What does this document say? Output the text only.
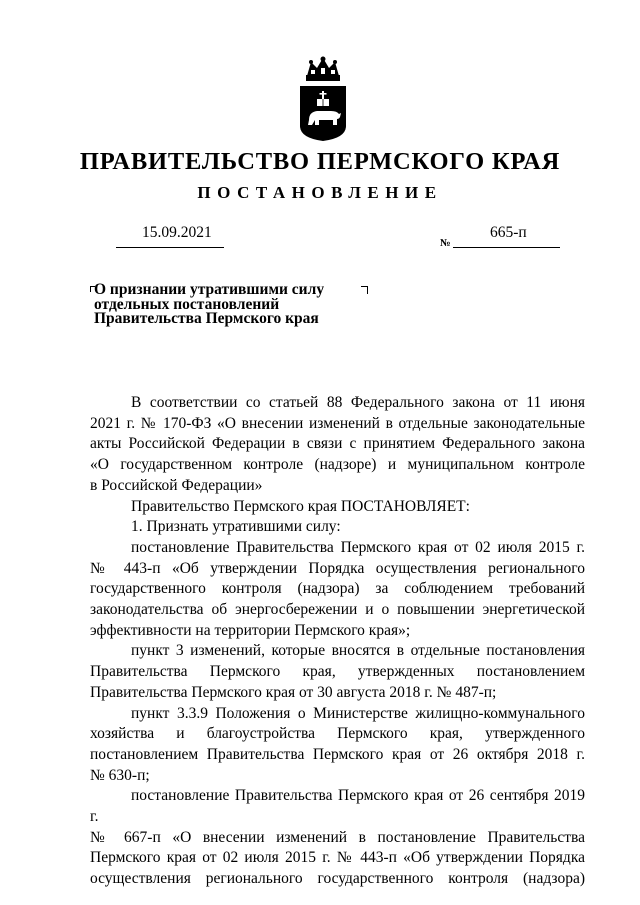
ПРАВИТЕЛЬСТВО ПЕРМСКОГО КРАЯ
ПОСТАНОВЛЕНИЕ
15.09.2021
№
665-п
О признании утратившими силу
отдельных постановлений
Правительства Пермского края

В соответствии со статьей 88 Федерального закона от 11 июня

2021 г. № 170-ФЗ «О внесении изменений в отдельные законодательные

акты Российской Федерации в связи с принятием Федерального закона

«О государственном контроле (надзоре) и муниципальном контроле

в Российской Федерации»

Правительство Пермского края ПОСТАНОВЛЯЕТ:

1. Признать утратившими силу:

постановление Правительства Пермского края от 02 июля 2015 г.

№ 443-п «Об утверждении Порядка осуществления регионального

государственного контроля (надзора) за соблюдением требований

законодательства об энергосбережении и о повышении энергетической

эффективности на территории Пермского края»;

пункт 3 изменений, которые вносятся в отдельные постановления

Правительства Пермского края, утвержденных постановлением

Правительства Пермского края от 30 августа 2018 г. № 487-п;

пункт 3.3.9 Положения о Министерстве жилищно-коммунального

хозяйства и благоустройства Пермского края, утвержденного

постановлением Правительства Пермского края от 26 октября 2018 г.

№ 630-п;

постановление Правительства Пермского края от 26 сентября 2019 г.

№ 667-п «О внесении изменений в постановление Правительства

Пермского края от 02 июля 2015 г. № 443-п «Об утверждении Порядка

осуществления регионального государственного контроля (надзора)
